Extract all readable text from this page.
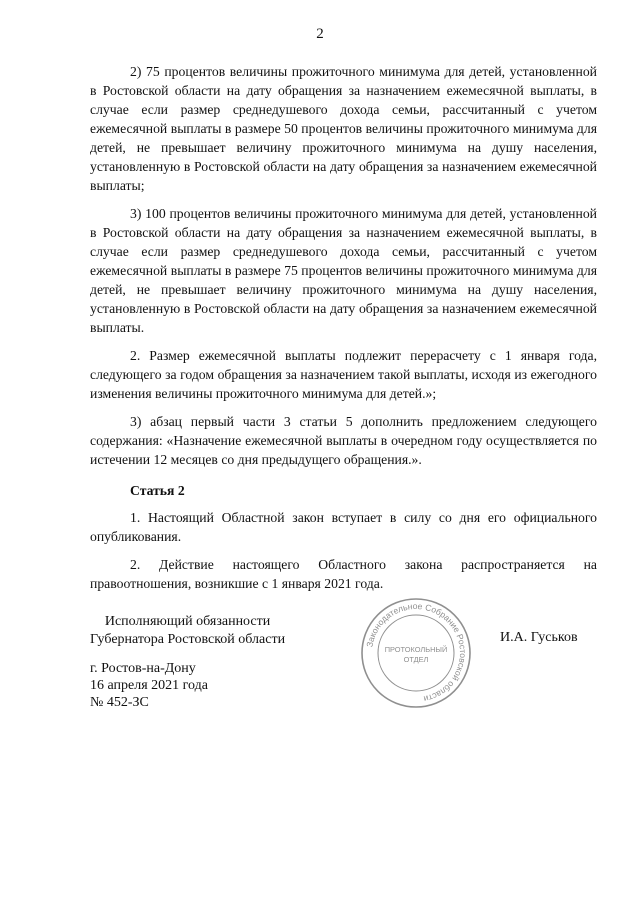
2

2) 75 процентов величины прожиточного минимума для детей, установленной в Ростовской области на дату обращения за назначением ежемесячной выплаты, в случае если размер среднедушевого дохода семьи, рассчитанный с учетом ежемесячной выплаты в размере 50 процентов величины прожиточного минимума для детей, не превышает величину прожиточного минимума на душу населения, установленную в Ростовской области на дату обращения за назначением ежемесячной выплаты;

3) 100 процентов величины прожиточного минимума для детей, установленной в Ростовской области на дату обращения за назначением ежемесячной выплаты, в случае если размер среднедушевого дохода семьи, рассчитанный с учетом ежемесячной выплаты в размере 75 процентов величины прожиточного минимума для детей, не превышает величину прожиточного минимума на душу населения, установленную в Ростовской области на дату обращения за назначением ежемесячной выплаты.

2. Размер ежемесячной выплаты подлежит перерасчету с 1 января года, следующего за годом обращения за назначением такой выплаты, исходя из ежегодного изменения величины прожиточного минимума для детей.»;

3) абзац первый части 3 статьи 5 дополнить предложением следующего содержания: «Назначение ежемесячной выплаты в очередном году осуществляется по истечении 12 месяцев со дня предыдущего обращения.».

Статья 2

1. Настоящий Областной закон вступает в силу со дня его официального опубликования.

2. Действие настоящего Областного закона распространяется на правоотношения, возникшие с 1 января 2021 года.

Исполняющий обязанности
Губернатора Ростовской области	И.А. Гуськов
Законодательное Собрание Ростовской области
ПРОТОКОЛЬНЫЙ
ОТДЕЛ
г. Ростов-на-Дону
16 апреля 2021 года
№ 452-ЗС
